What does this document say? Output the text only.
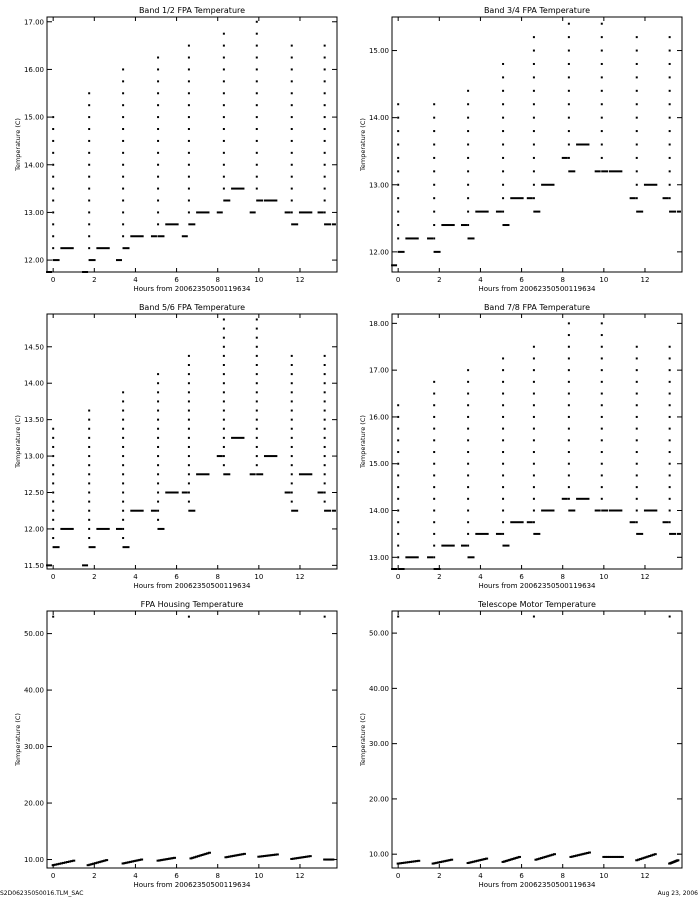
Band 1/2 FPA Temperature
0	2	4	6	8	10	12
12.00
13.00
14.00
15.00
16.00
17.00
Hours from 20062350500119634
Temperature (C)
Band 3/4 FPA Temperature
0	2	4	6	8	10	12
12.00
13.00
14.00
15.00
Hours from 20062350500119634
Temperature (C)
Band 5/6 FPA Temperature
0	2	4	6	8	10	12
11.50
12.00
12.50
13.00
13.50
14.00
14.50
Hours from 20062350500119634
Temperature (C)
Band 7/8 FPA Temperature
0	2	4	6	8	10	12
13.00
14.00
15.00
16.00
17.00
18.00
Hours from 20062350500119634
Temperature (C)
FPA Housing Temperature
0	2	4	6	8	10	12
10.00
20.00
30.00
40.00
50.00
Hours from 20062350500119634
Temperature (C)
Telescope Motor Temperature
0	2	4	6	8	10	12
10.00
20.00
30.00
40.00
50.00
Hours from 20062350500119634
Temperature (C)
S2D06235050016.TLM_SAC	Aug 23, 2006
